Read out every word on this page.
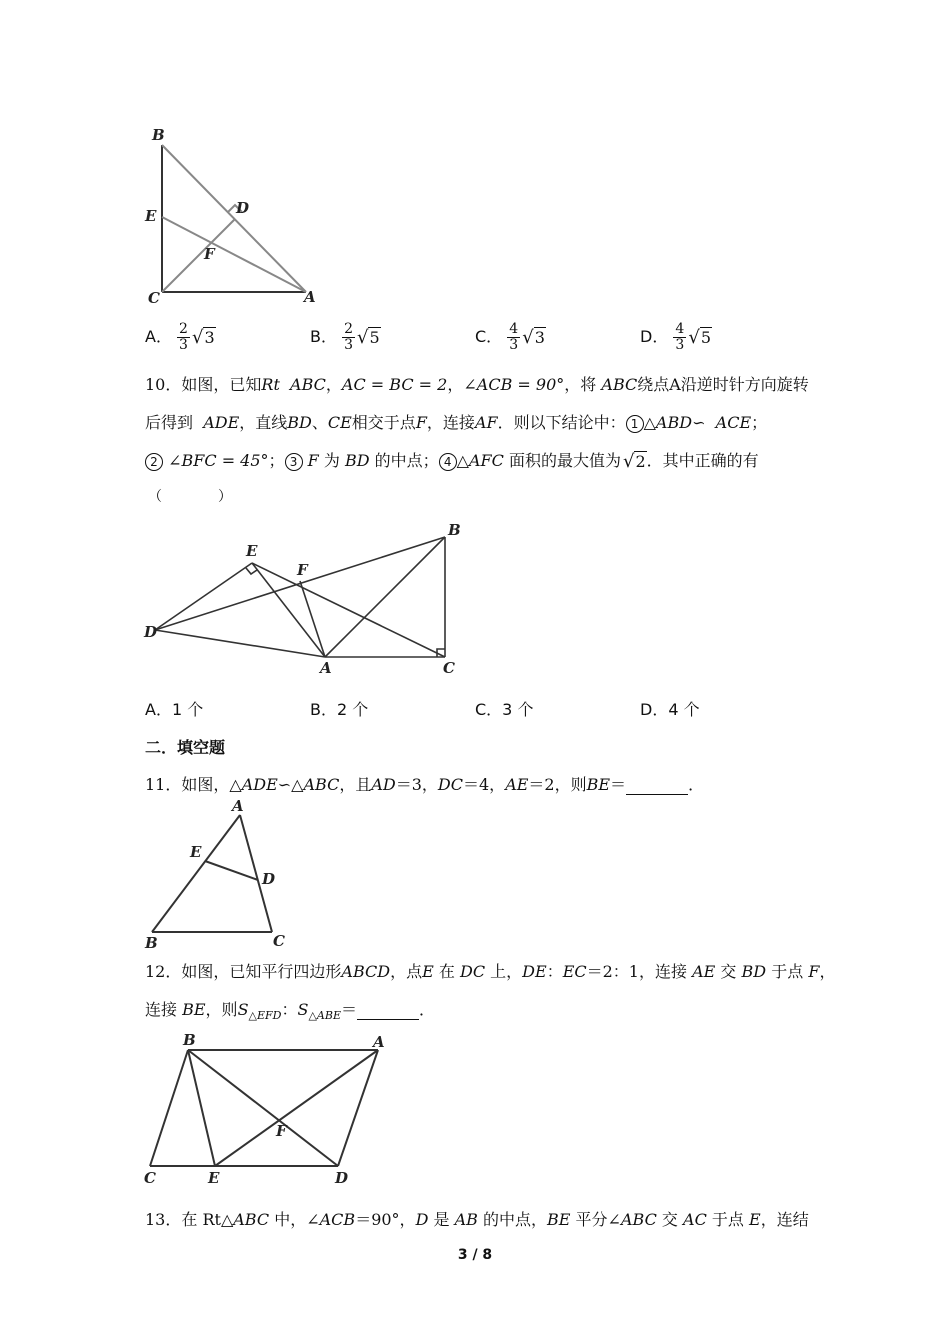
B
E	D
F
C	A
A． $\frac{2}{3} √3$	B． $\frac{2}{3} √5$	C． $\frac{4}{3} √3$	D． $\frac{4}{3} √5$
10．如图，已知Rt ABC，AC = BC = 2，∠ACB = 90°，将 ABC绕点A沿逆时针方向旋转
后得到 ADE，直线BD、CE相交于点F，连接AF．则以下结论中： 1 △ABD∽ ACE；
2 ∠BFC = 45°； 3 F 为 BD 的中点； 4 △AFC 面积的最大值为 √2．其中正确的有
（　　　　）
E
F
B
D
A	C
A．1 个	B．2 个	C．3 个	D．4 个
二．填空题
11．如图，△ADE∽△ABC，且AD＝3，DC＝4，AE＝2，则BE＝	．
A
E
D
B	C
12．如图，已知平行四边形ABCD，点E 在 DC 上，DE：EC＝2：1，连接 AE 交 BD 于点 F，
连接 BE，则$S_{\triangle EFD}$：$S_{\triangle ABE}=$	．
B	A
F
C	E	D
13．在 Rt△ABC 中，∠ACB＝90°，D 是 AB 的中点，BE 平分∠ABC 交 AC 于点 E，连结
3 / 8
